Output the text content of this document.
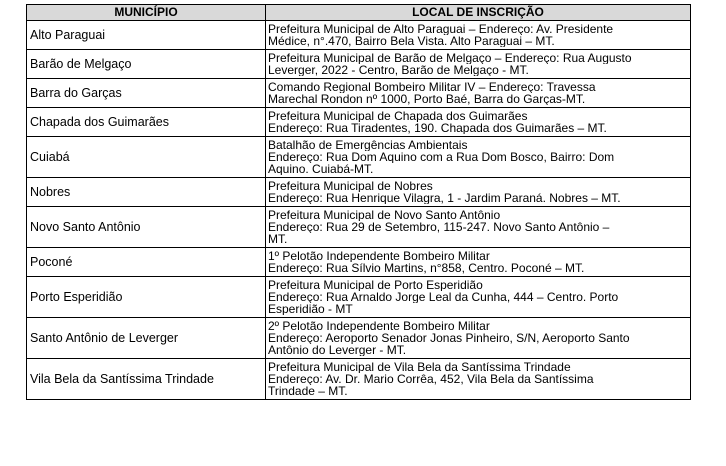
MUNICÍPIO	LOCAL DE INSCRIÇÃO
Alto Paraguai	Prefeitura Municipal de Alto Paraguai – Endereço: Av. Presidente
Médice, n°.470, Bairro Bela Vista. Alto Paraguai – MT.

Barão de Melgaço	Prefeitura Municipal de Barão de Melgaço – Endereço: Rua Augusto
Leverger, 2022 - Centro, Barão de Melgaço - MT.

Barra do Garças	Comando Regional Bombeiro Militar IV – Endereço: Travessa
Marechal Rondon nº 1000, Porto Baé, Barra do Garças-MT.

Chapada dos Guimarães	Prefeitura Municipal de Chapada dos Guimarães
Endereço: Rua Tiradentes, 190. Chapada dos Guimarães – MT.

Cuiabá	Batalhão de Emergências Ambientais
Endereço: Rua Dom Aquino com a Rua Dom Bosco, Bairro: Dom
Aquino. Cuiabá-MT.

Nobres	Prefeitura Municipal de Nobres
Endereço: Rua Henrique Vilagra, 1 - Jardim Paraná. Nobres – MT.

Novo Santo Antônio	Prefeitura Municipal de Novo Santo Antônio
Endereço: Rua 29 de Setembro, 115-247. Novo Santo Antônio –
MT.

Poconé	1º Pelotão Independente Bombeiro Militar
Endereço: Rua Sílvio Martins, n°858, Centro. Poconé – MT.

Porto Esperidião	Prefeitura Municipal de Porto Esperidião
Endereço: Rua Arnaldo Jorge Leal da Cunha, 444 – Centro. Porto
Esperidião - MT

Santo Antônio de Leverger	2º Pelotão Independente Bombeiro Militar
Endereço: Aeroporto Senador Jonas Pinheiro, S/N, Aeroporto Santo
Antônio do Leverger - MT.

Vila Bela da Santíssima Trindade	Prefeitura Municipal de Vila Bela da Santíssima Trindade
Endereço: Av. Dr. Mario Corrêa, 452, Vila Bela da Santíssima
Trindade – MT.
